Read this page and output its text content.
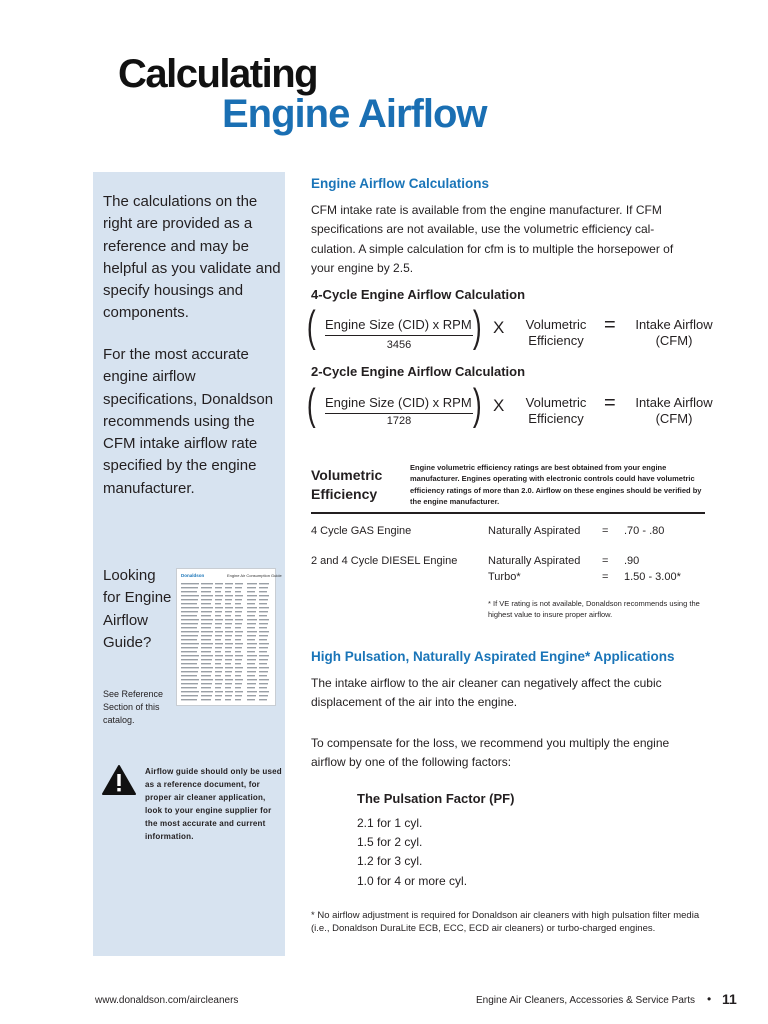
Calculating
Engine Airflow
The calculations on the right are provided as a reference and may be helpful as you validate and specify housings and components.
For the most accurate engine airflow specifications, Donaldson recommends using the CFM intake airflow rate specified by the engine manufacturer.
Looking for Engine Airflow Guide?
See Reference Section of this catalog.
Donaldson	Engine Air Consumption Guide
Airflow guide should only be used as a reference document, for proper air cleaner application, look to your engine supplier for the most accurate and current information.
Engine Airflow Calculations
CFM intake rate is available from the engine manufacturer. If CFM specifications are not available, use the volumetric efficiency cal-culation. A simple calculation for cfm is to multiple the horsepower of your engine by 2.5.
4-Cycle Engine Airflow Calculation
( Engine Size (CID) x RPM
3456	) X	Volumetric Efficiency
=	Intake Airflow (CFM)
2-Cycle Engine Airflow Calculation
( Engine Size (CID) x RPM
1728	) X	Volumetric Efficiency
=	Intake Airflow (CFM)
Volumetric
Efficiency
Engine volumetric efficiency ratings are best obtained from your engine manufacturer. Engines operating with electronic controls could have volumetric efficiency ratings of more than 2.0. Airflow on these engines should be verified by the engine manufacturer.
4 Cycle GAS Engine	Naturally Aspirated = .70 - .80
2 and 4 Cycle DIESEL Engine	Naturally Aspirated = .90
Turbo*	= 1.50 - 3.00*
* If VE rating is not available, Donaldson recommends using the highest value to insure proper airflow.
High Pulsation, Naturally Aspirated Engine* Applications
The intake airflow to the air cleaner can negatively affect the cubic displacement of the air into the engine.
To compensate for the loss, we recommend you multiply the engine airflow by one of the following factors:
The Pulsation Factor (PF)
2.1 for 1 cyl.
1.5 for 2 cyl.
1.2 for 3 cyl.
1.0 for 4 or more cyl.
* No airflow adjustment is required for Donaldson air cleaners with high pulsation filter media (i.e., Donaldson DuraLite ECB, ECC, ECD air cleaners) or turbo-charged engines.
www.donaldson.com/aircleaners	Engine Air Cleaners, Accessories & Service Parts • 11
